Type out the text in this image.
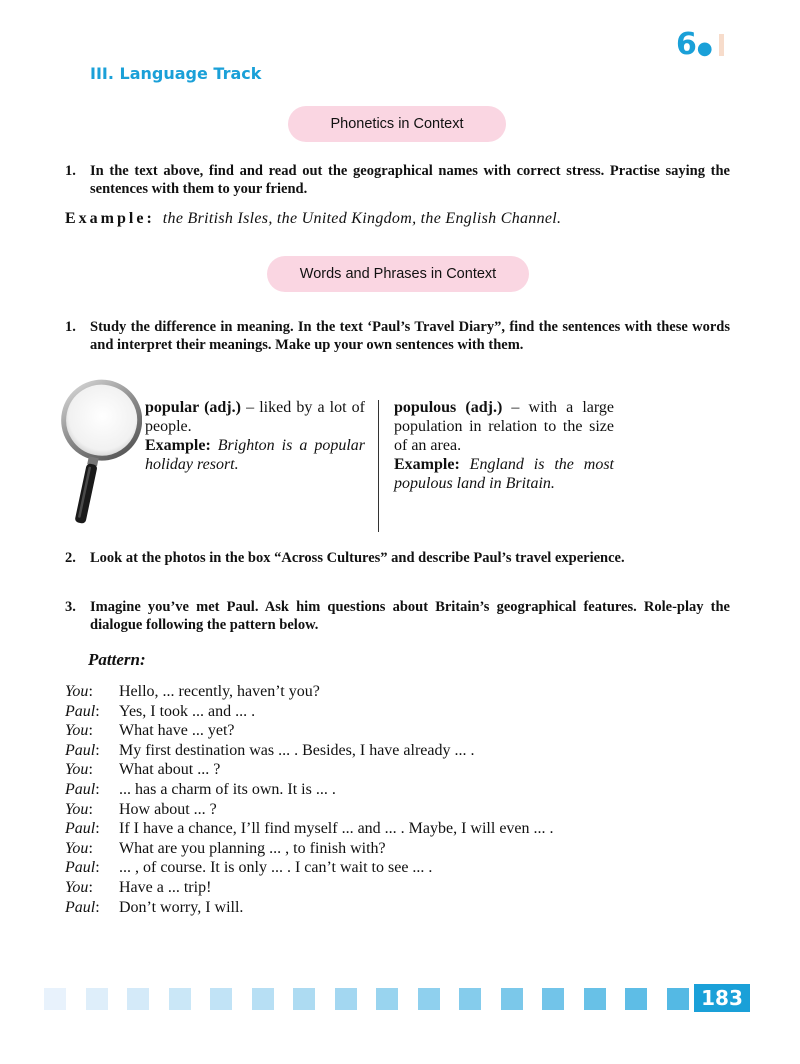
6●
III. Language Track
Phonetics in Context
1. In the text above, find and read out the geographical names with correct stress. Practise saying the sentences with them to your friend.
Example: the British Isles, the United Kingdom, the English Channel.
Words and Phrases in Context
1. Study the difference in meaning. In the text ‘Paul’s Travel Diary”, find the sentences with these words and interpret their meanings. Make up your own sentences with them.
popular (adj.) – liked by a lot of people.
Example: Brighton is a popular holiday resort.
populous (adj.) – with a large population in relation to the size of an area.
Example: England is the most populous land in Britain.
2. Look at the photos in the box “Across Cultures” and describe Paul’s travel experience.
3. Imagine you’ve met Paul. Ask him questions about Britain’s geographical features. Role-play the dialogue following the pattern below.
Pattern:
You: Hello, ... recently, haven’t you?
Paul: Yes, I took ... and ... .
You: What have ... yet?
Paul: My first destination was ... . Besides, I have already ... .
You: What about ... ?
Paul: ... has a charm of its own. It is ... .
You: How about ... ?
Paul: If I have a chance, I’ll find myself ... and ... . Maybe, I will even ... .
You: What are you planning ... , to finish with?
Paul: ... , of course. It is only ... . I can’t wait to see ... .
You: Have a ... trip!
Paul: Don’t worry, I will.
183
